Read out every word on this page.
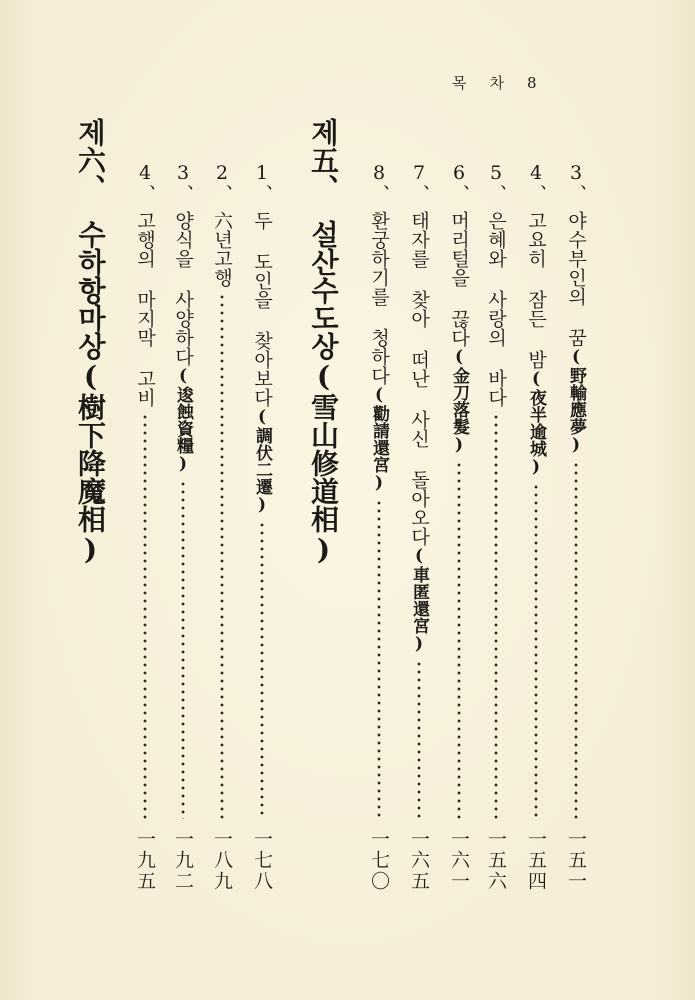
목 차 8
3、
야수부인의 꿈
(野輸應夢)
一五一
4、
고요히 잠든 밤
(夜半逾城)
一五四
5、
은혜와 사랑의 바다
一五六
6、
머리털을 끊다
(金刀落髮)
一六一
7、
태자를 찾아 떠난 사신 돌아오다
(車匿還宮)
一六五
8、
환궁하기를 청하다
(勸請還宮)
一七〇
제五、설산수도상(雪山修道相)
1、
두 도인을 찾아보다
(調伏二遷)
一七八
2、
六년고행
一八九
3、
양식을 사양하다
(逡蝕資糧)
一九二
4、
고행의 마지막 고비
一九五
제六、수하항마상(樹下降魔相)
